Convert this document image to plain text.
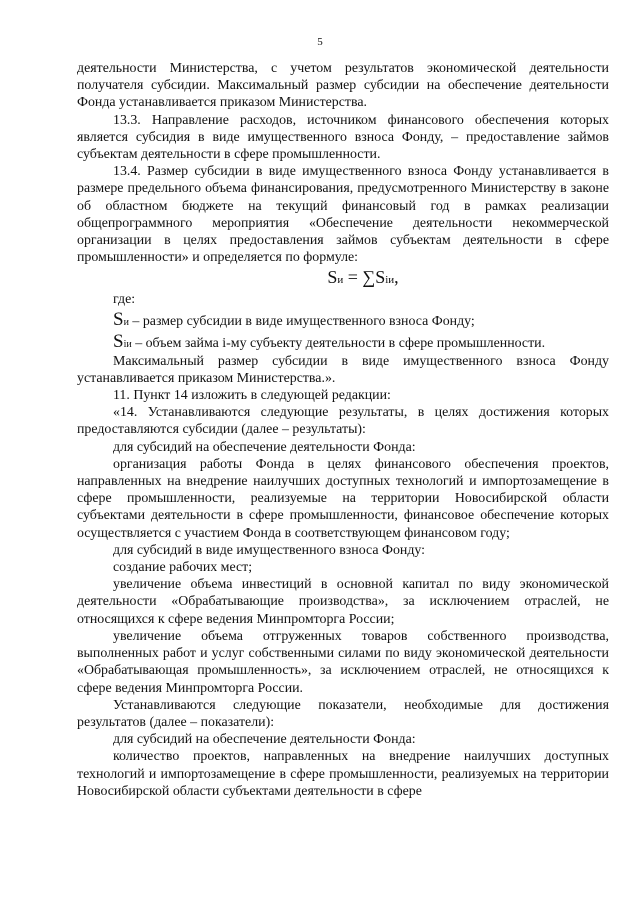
5

деятельности Министерства, с учетом результатов экономической деятельности получателя субсидии. Максимальный размер субсидии на обеспечение деятельности Фонда устанавливается приказом Министерства.

13.3. Направление расходов, источником финансового обеспечения которых является субсидия в виде имущественного взноса Фонду, – предоставление займов субъектам деятельности в сфере промышленности.

13.4. Размер субсидии в виде имущественного взноса Фонду устанавливается в размере предельного объема финансирования, предусмотренного Министерству в законе об областном бюджете на текущий финансовый год в рамках реализации общепрограммного мероприятия «Обеспечение деятельности некоммерческой организации в целях предоставления займов субъектам деятельности в сфере промышленности» и определяется по формуле:

Sи = ∑Siи,

где:

Sи – размер субсидии в виде имущественного взноса Фонду;

Siи – объем займа i-му субъекту деятельности в сфере промышленности.

Максимальный размер субсидии в виде имущественного взноса Фонду устанавливается приказом Министерства.».

11. Пункт 14 изложить в следующей редакции:

«14. Устанавливаются следующие результаты, в целях достижения которых предоставляются субсидии (далее – результаты):

для субсидий на обеспечение деятельности Фонда:

организация работы Фонда в целях финансового обеспечения проектов, направленных на внедрение наилучших доступных технологий и импортозамещение в сфере промышленности, реализуемые на территории Новосибирской области субъектами деятельности в сфере промышленности, финансовое обеспечение которых осуществляется с участием Фонда в соответствующем финансовом году;

для субсидий в виде имущественного взноса Фонду:

создание рабочих мест;

увеличение объема инвестиций в основной капитал по виду экономической деятельности «Обрабатывающие производства», за исключением отраслей, не относящихся к сфере ведения Минпромторга России;

увеличение объема отгруженных товаров собственного производства, выполненных работ и услуг собственными силами по виду экономической деятельности «Обрабатывающая промышленность», за исключением отраслей, не относящихся к сфере ведения Минпромторга России.

Устанавливаются следующие показатели, необходимые для достижения результатов (далее – показатели):

для субсидий на обеспечение деятельности Фонда:

количество проектов, направленных на внедрение наилучших доступных технологий и импортозамещение в сфере промышленности, реализуемых на территории Новосибирской области субъектами деятельности в сфере
